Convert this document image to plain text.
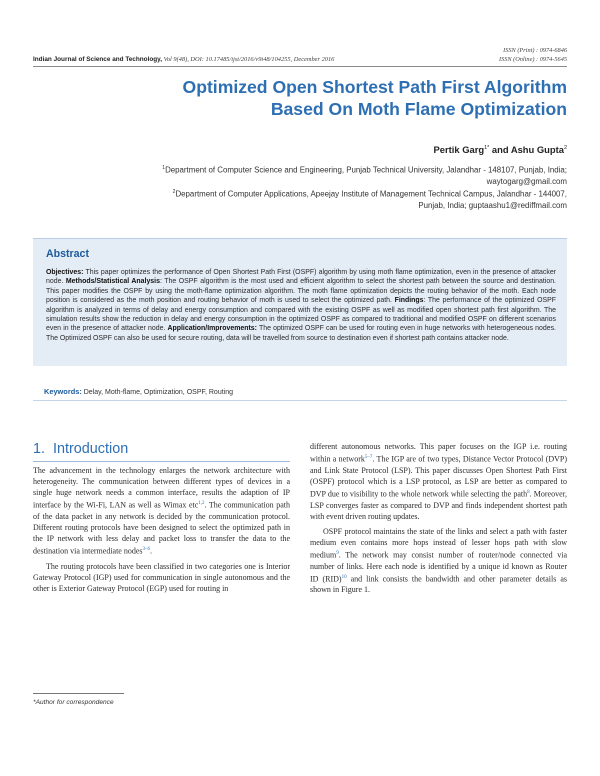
ISSN (Print) : 0974-6846
ISSN (Online) : 0974-5645
Indian Journal of Science and Technology, Vol 9(48), DOI: 10.17485/ijst/2016/v9i48/104255, December 2016
Optimized Open Shortest Path First Algorithm
Based On Moth Flame Optimization
Pertik Garg$^{1*}$ and Ashu Gupta$^2$
$^1$Department of Computer Science and Engineering, Punjab Technical University, Jalandhar - 148107, Punjab, India;
waytogarg@gmail.com
$^2$Department of Computer Applications, Apeejay Institute of Management Technical Campus, Jalandhar - 144007,
Punjab, India; guptaashu1@rediffmail.com
Abstract
Objectives: This paper optimizes the performance of Open Shortest Path First (OSPF) algorithm by using moth flame optimization, even in the presence of attacker node. Methods/Statistical Analysis: The OSPF algorithm is the most used and efficient algorithm to select the shortest path between the source and destination. This paper modifies the OSPF by using the moth-flame optimization algorithm. The moth flame optimization depicts the routing behavior of the moth. Each node position is considered as the moth position and routing behavior of moth is used to select the optimized path. Findings: The performance of the optimized OSPF algorithm is analyzed in terms of delay and energy consumption and compared with the existing OSPF as well as modified open shortest path first algorithm. The simulation results show the reduction in delay and energy consumption in the optimized OSPF as compared to traditional and modified OSPF on different scenarios even in the presence of attacker node. Application/Improvements: The optimized OSPF can be used for routing even in huge networks with heterogeneous nodes. The Optimized OSPF can also be used for secure routing, data will be travelled from source to destination even if shortest path contains attacker node.
Keywords: Delay, Moth-flame, Optimization, OSPF, Routing
1.  Introduction

The advancement in the technology enlarges the network architecture with heterogeneity. The communication between different types of devices in a single huge network needs a common interface, results the adaption of IP interface by the Wi-Fi, LAN as well as Wimax etc$^{1,2}$. The communication path of the data packet in any network is decided by the communication protocol. Different routing protocols have been designed to select the optimized path in the IP network with less delay and packet loss to transfer the data to the destination via intermediate nodes$^{3-6}$.

The routing protocols have been classified in two categories one is Interior Gateway Protocol (IGP) used for communication in single autonomous and the other is Exterior Gateway Protocol (EGP) used for routing in

different autonomous networks. This paper focuses on the IGP i.e. routing within a network$^{5-7}$. The IGP are of two types, Distance Vector Protocol (DVP) and Link State Protocol (LSP). This paper discusses Open Shortest Path First (OSPF) protocol which is a LSP protocol, as LSP are better as compared to DVP due to visibility to the whole network while selecting the path$^8$. Moreover, LSP converges faster as compared to DVP and finds independent shortest path with event driven routing updates.

OSPF protocol maintains the state of the links and select a path with faster medium even contains more hops instead of lesser hops path with slow medium$^9$. The network may consist number of router/node connected via number of links. Here each node is identified by a unique id known as Router ID (RID)$^{10}$ and link consists the bandwidth and other parameter details as shown in Figure 1.

*Author for correspondence
